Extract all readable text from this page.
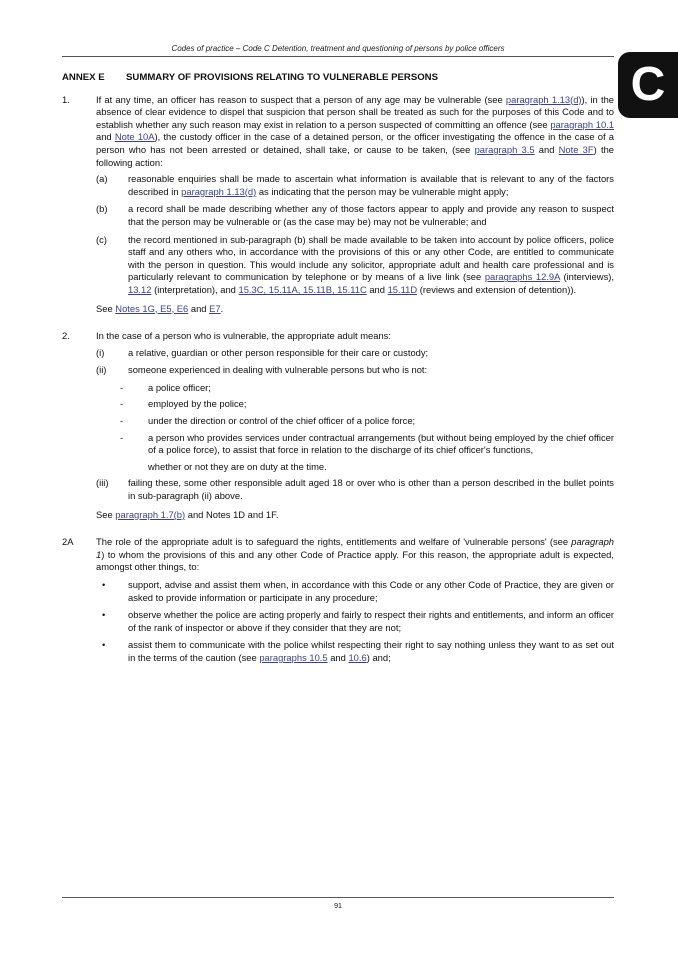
Codes of practice – Code C Detention, treatment and questioning of persons by police officers
C
ANNEX E	SUMMARY OF PROVISIONS RELATING TO VULNERABLE PERSONS
1.	If at any time, an officer has reason to suspect that a person of any age may be vulnerable (see paragraph 1.13(d)), in the absence of clear evidence to dispel that suspicion that person shall be treated as such for the purposes of this Code and to establish whether any such reason may exist in relation to a person suspected of committing an offence (see paragraph 10.1 and Note 10A), the custody officer in the case of a detained person, or the officer investigating the offence in the case of a person who has not been arrested or detained, shall take, or cause to be taken, (see paragraph 3.5 and Note 3F) the following action:
(a)	reasonable enquiries shall be made to ascertain what information is available that is relevant to any of the factors described in paragraph 1.13(d) as indicating that the person may be vulnerable might apply;
(b)	a record shall be made describing whether any of those factors appear to apply and provide any reason to suspect that the person may be vulnerable or (as the case may be) may not be vulnerable; and
(c)	the record mentioned in sub-paragraph (b) shall be made available to be taken into account by police officers, police staff and any others who, in accordance with the provisions of this or any other Code, are entitled to communicate with the person in question. This would include any solicitor, appropriate adult and health care professional and is particularly relevant to communication by telephone or by means of a live link (see paragraphs 12.9A (interviews), 13.12 (interpretation), and 15.3C, 15.11A, 15.11B, 15.11C and 15.11D (reviews and extension of detention)).
See Notes 1G, E5, E6 and E7.
2.	In the case of a person who is vulnerable, the appropriate adult means:
(i)	a relative, guardian or other person responsible for their care or custody;
(ii)	someone experienced in dealing with vulnerable persons but who is not:
-	a police officer;
-	employed by the police;
-	under the direction or control of the chief officer of a police force;
-	a person who provides services under contractual arrangements (but without being employed by the chief officer of a police force), to assist that force in relation to the discharge of its chief officer's functions,
whether or not they are on duty at the time.
(iii)	failing these, some other responsible adult aged 18 or over who is other than a person described in the bullet points in sub-paragraph (ii) above.
See paragraph 1.7(b) and Notes 1D and 1F.
2A	The role of the appropriate adult is to safeguard the rights, entitlements and welfare of 'vulnerable persons' (see paragraph 1) to whom the provisions of this and any other Code of Practice apply. For this reason, the appropriate adult is expected, amongst other things, to:
•	support, advise and assist them when, in accordance with this Code or any other Code of Practice, they are given or asked to provide information or participate in any procedure;
•	observe whether the police are acting properly and fairly to respect their rights and entitlements, and inform an officer of the rank of inspector or above if they consider that they are not;
•	assist them to communicate with the police whilst respecting their right to say nothing unless they want to as set out in the terms of the caution (see paragraphs 10.5 and 10.6) and;
91
